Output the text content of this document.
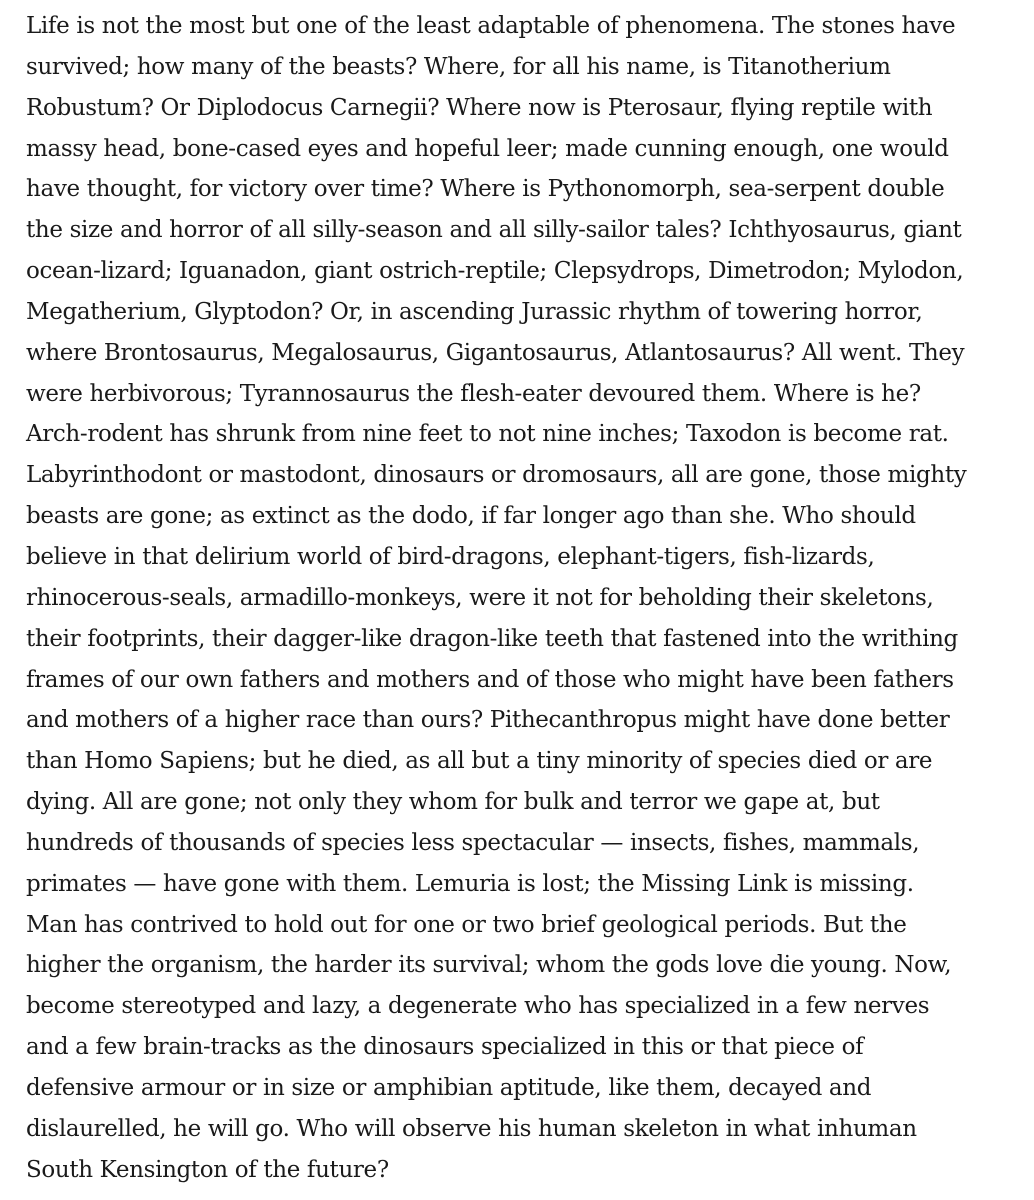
Life is not the most but one of the least adaptable of phenomena. The stones have
survived; how many of the beasts? Where, for all his name, is Titanotherium
Robustum? Or Diplodocus Carnegii? Where now is Pterosaur, flying reptile with
massy head, bone-cased eyes and hopeful leer; made cunning enough, one would
have thought, for victory over time? Where is Pythonomorph, sea-serpent double
the size and horror of all silly-season and all silly-sailor tales? Ichthyosaurus, giant
ocean-lizard; Iguanadon, giant ostrich-reptile; Clepsydrops, Dimetrodon; Mylodon,
Megatherium, Glyptodon? Or, in ascending Jurassic rhythm of towering horror,
where Brontosaurus, Megalosaurus, Gigantosaurus, Atlantosaurus? All went. They
were herbivorous; Tyrannosaurus the flesh-eater devoured them. Where is he?
Arch-rodent has shrunk from nine feet to not nine inches; Taxodon is become rat.
Labyrinthodont or mastodont, dinosaurs or dromosaurs, all are gone, those mighty
beasts are gone; as extinct as the dodo, if far longer ago than she. Who should
believe in that delirium world of bird-dragons, elephant-tigers, fish-lizards,
rhinocerous-seals, armadillo-monkeys, were it not for beholding their skeletons,
their footprints, their dagger-like dragon-like teeth that fastened into the writhing
frames of our own fathers and mothers and of those who might have been fathers
and mothers of a higher race than ours? Pithecanthropus might have done better
than Homo Sapiens; but he died, as all but a tiny minority of species died or are
dying. All are gone; not only they whom for bulk and terror we gape at, but
hundreds of thousands of species less spectacular — insects, fishes, mammals,
primates — have gone with them. Lemuria is lost; the Missing Link is missing.
Man has contrived to hold out for one or two brief geological periods. But the
higher the organism, the harder its survival; whom the gods love die young. Now,
become stereotyped and lazy, a degenerate who has specialized in a few nerves
and a few brain-tracks as the dinosaurs specialized in this or that piece of
defensive armour or in size or amphibian aptitude, like them, decayed and
dislaurelled, he will go. Who will observe his human skeleton in what inhuman
South Kensington of the future?
